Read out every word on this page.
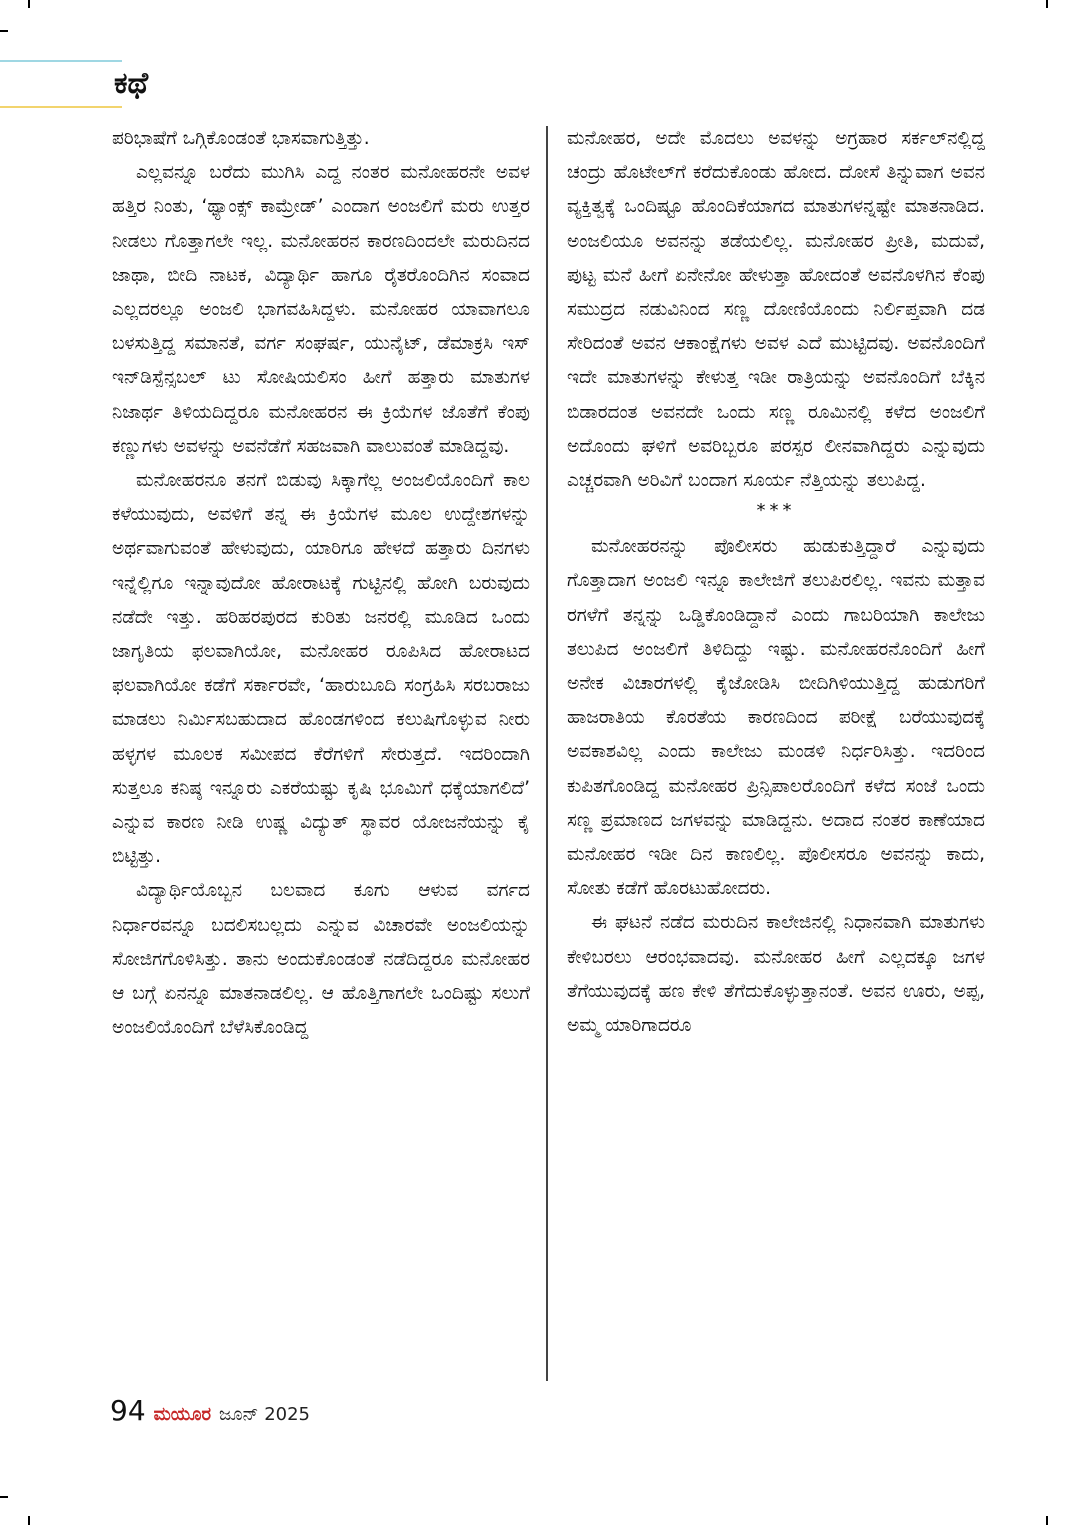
ಕಥೆ

ಪರಿಭಾಷೆಗೆ ಒಗ್ಗಿಕೊಂಡಂತೆ ಭಾಸವಾಗುತ್ತಿತ್ತು.

ಎಲ್ಲವನ್ನೂ ಬರೆದು ಮುಗಿಸಿ ಎದ್ದ ನಂತರ ಮನೋಹರನೇ ಅವಳ ಹತ್ತಿರ ನಿಂತು, ‘ಥ್ಯಾಂಕ್ಸ್ ಕಾಮ್ರೇಡ್’ ಎಂದಾಗ ಅಂಜಲಿಗೆ ಮರು ಉತ್ತರ ನೀಡಲು ಗೊತ್ತಾಗಲೇ ಇಲ್ಲ. ಮನೋಹರನ ಕಾರಣದಿಂದಲೇ ಮರುದಿನದ ಜಾಥಾ, ಬೀದಿ ನಾಟಕ, ವಿದ್ಯಾರ್ಥಿ ಹಾಗೂ ರೈತರೊಂದಿಗಿನ ಸಂವಾದ ಎಲ್ಲದರಲ್ಲೂ ಅಂಜಲಿ ಭಾಗವಹಿಸಿದ್ದಳು. ಮನೋಹರ ಯಾವಾಗಲೂ ಬಳಸುತ್ತಿದ್ದ ಸಮಾನತೆ, ವರ್ಗ ಸಂಘರ್ಷ, ಯುನೈಟ್, ಡೆಮಾಕ್ರಸಿ ಇಸ್ ಇನ್‌ಡಿಸ್ಪೆನ್ಸಬಲ್ ಟು ಸೋಷಿಯಲಿಸಂ ಹೀಗೆ ಹತ್ತಾರು ಮಾತುಗಳ ನಿಜಾರ್ಥ ತಿಳಿಯದಿದ್ದರೂ ಮನೋಹರನ ಈ ಕ್ರಿಯೆಗಳ ಜೊತೆಗೆ ಕೆಂಪು ಕಣ್ಣುಗಳು ಅವಳನ್ನು ಅವನೆಡೆಗೆ ಸಹಜವಾಗಿ ವಾಲುವಂತೆ ಮಾಡಿದ್ದವು.

ಮನೋಹರನೂ ತನಗೆ ಬಿಡುವು ಸಿಕ್ಕಾಗೆಲ್ಲ ಅಂಜಲಿಯೊಂದಿಗೆ ಕಾಲ ಕಳೆಯುವುದು, ಅವಳಿಗೆ ತನ್ನ ಈ ಕ್ರಿಯೆಗಳ ಮೂಲ ಉದ್ದೇಶಗಳನ್ನು ಅರ್ಥವಾಗುವಂತೆ ಹೇಳುವುದು, ಯಾರಿಗೂ ಹೇಳದೆ ಹತ್ತಾರು ದಿನಗಳು ಇನ್ನೆಲ್ಲಿಗೂ ಇನ್ನಾವುದೋ ಹೋರಾಟಕ್ಕೆ ಗುಟ್ಟಿನಲ್ಲಿ ಹೋಗಿ ಬರುವುದು ನಡೆದೇ ಇತ್ತು. ಹರಿಹರಪುರದ ಕುರಿತು ಜನರಲ್ಲಿ ಮೂಡಿದ ಒಂದು ಜಾಗೃತಿಯ ಫಲವಾಗಿಯೋ, ಮನೋಹರ ರೂಪಿಸಿದ ಹೋರಾಟದ ಫಲವಾಗಿಯೋ ಕಡೆಗೆ ಸರ್ಕಾರವೇ, ‘ಹಾರುಬೂದಿ ಸಂಗ್ರಹಿಸಿ ಸರಬರಾಜು ಮಾಡಲು ನಿರ್ಮಿಸಬಹುದಾದ ಹೊಂಡಗಳಿಂದ ಕಲುಷಿಗೊಳ್ಳುವ ನೀರು ಹಳ್ಳಗಳ ಮೂಲಕ ಸಮೀಪದ ಕೆರೆಗಳಿಗೆ ಸೇರುತ್ತದೆ. ಇದರಿಂದಾಗಿ ಸುತ್ತಲೂ ಕನಿಷ್ಠ ಇನ್ನೂರು ಎಕರೆಯಷ್ಟು ಕೃಷಿ ಭೂಮಿಗೆ ಧಕ್ಕೆಯಾಗಲಿದೆ’ ಎನ್ನುವ ಕಾರಣ ನೀಡಿ ಉಷ್ಣ ವಿದ್ಯುತ್ ಸ್ಥಾವರ ಯೋಜನೆಯನ್ನು ಕೈ ಬಿಟ್ಟಿತ್ತು.

ವಿದ್ಯಾರ್ಥಿಯೊಬ್ಬನ ಬಲವಾದ ಕೂಗು ಆಳುವ ವರ್ಗದ ನಿರ್ಧಾರವನ್ನೂ ಬದಲಿಸಬಲ್ಲದು ಎನ್ನುವ ವಿಚಾರವೇ ಅಂಜಲಿಯನ್ನು ಸೋಜಿಗಗೊಳಿಸಿತ್ತು. ತಾನು ಅಂದುಕೊಂಡಂತೆ ನಡೆದಿದ್ದರೂ ಮನೋಹರ ಆ ಬಗ್ಗೆ ಏನನ್ನೂ ಮಾತನಾಡಲಿಲ್ಲ. ಆ ಹೊತ್ತಿಗಾಗಲೇ ಒಂದಿಷ್ಟು ಸಲುಗೆ ಅಂಜಲಿಯೊಂದಿಗೆ ಬೆಳೆಸಿಕೊಂಡಿದ್ದ

ಮನೋಹರ, ಅದೇ ಮೊದಲು ಅವಳನ್ನು ಅಗ್ರಹಾರ ಸರ್ಕಲ್‌ನಲ್ಲಿದ್ದ ಚಂದ್ರು ಹೊಟೇಲ್‌ಗೆ ಕರೆದುಕೊಂಡು ಹೋದ. ದೋಸೆ ತಿನ್ನುವಾಗ ಅವನ ವ್ಯಕ್ತಿತ್ವಕ್ಕೆ ಒಂದಿಷ್ಟೂ ಹೊಂದಿಕೆಯಾಗದ ಮಾತುಗಳನ್ನಷ್ಟೇ ಮಾತನಾಡಿದ. ಅಂಜಲಿಯೂ ಅವನನ್ನು ತಡೆಯಲಿಲ್ಲ. ಮನೋಹರ ಪ್ರೀತಿ, ಮದುವೆ, ಪುಟ್ಟ ಮನೆ ಹೀಗೆ ಏನೇನೋ ಹೇಳುತ್ತಾ ಹೋದಂತೆ ಅವನೊಳಗಿನ ಕೆಂಪು ಸಮುದ್ರದ ನಡುವಿನಿಂದ ಸಣ್ಣ ದೋಣಿಯೊಂದು ನಿರ್ಲಿಪ್ತವಾಗಿ ದಡ ಸೇರಿದಂತೆ ಅವನ ಆಕಾಂಕ್ಷೆಗಳು ಅವಳ ಎದೆ ಮುಟ್ಟಿದವು. ಅವನೊಂದಿಗೆ ಇದೇ ಮಾತುಗಳನ್ನು ಕೇಳುತ್ತ ಇಡೀ ರಾತ್ರಿಯನ್ನು ಅವನೊಂದಿಗೆ ಬೆಕ್ಕಿನ ಬಿಡಾರದಂತ ಅವನದೇ ಒಂದು ಸಣ್ಣ ರೂಮಿನಲ್ಲಿ ಕಳೆದ ಅಂಜಲಿಗೆ ಅದೊಂದು ಘಳಿಗೆ ಅವರಿಬ್ಬರೂ ಪರಸ್ಪರ ಲೀನವಾಗಿದ್ದರು ಎನ್ನುವುದು ಎಚ್ಚರವಾಗಿ ಅರಿವಿಗೆ ಬಂದಾಗ ಸೂರ್ಯ ನೆತ್ತಿಯನ್ನು ತಲುಪಿದ್ದ.

***

ಮನೋಹರನನ್ನು ಪೊಲೀಸರು ಹುಡುಕುತ್ತಿದ್ದಾರೆ ಎನ್ನುವುದು ಗೊತ್ತಾದಾಗ ಅಂಜಲಿ ಇನ್ನೂ ಕಾಲೇಜಿಗೆ ತಲುಪಿರಲಿಲ್ಲ. ಇವನು ಮತ್ತಾವ ರಗಳೆಗೆ ತನ್ನನ್ನು ಒಡ್ಡಿಕೊಂಡಿದ್ದಾನೆ ಎಂದು ಗಾಬರಿಯಾಗಿ ಕಾಲೇಜು ತಲುಪಿದ ಅಂಜಲಿಗೆ ತಿಳಿದಿದ್ದು ಇಷ್ಟು. ಮನೋಹರನೊಂದಿಗೆ ಹೀಗೆ ಅನೇಕ ವಿಚಾರಗಳಲ್ಲಿ ಕೈಜೋಡಿಸಿ ಬೀದಿಗಿಳಿಯುತ್ತಿದ್ದ ಹುಡುಗರಿಗೆ ಹಾಜರಾತಿಯ ಕೊರತೆಯ ಕಾರಣದಿಂದ ಪರೀಕ್ಷೆ ಬರೆಯುವುದಕ್ಕೆ ಅವಕಾಶವಿಲ್ಲ ಎಂದು ಕಾಲೇಜು ಮಂಡಳಿ ನಿರ್ಧರಿಸಿತ್ತು. ಇದರಿಂದ ಕುಪಿತಗೊಂಡಿದ್ದ ಮನೋಹರ ಪ್ರಿನ್ಸಿಪಾಲರೊಂದಿಗೆ ಕಳೆದ ಸಂಜೆ ಒಂದು ಸಣ್ಣ ಪ್ರಮಾಣದ ಜಗಳವನ್ನು ಮಾಡಿದ್ದನು. ಅದಾದ ನಂತರ ಕಾಣೆಯಾದ ಮನೋಹರ ಇಡೀ ದಿನ ಕಾಣಲಿಲ್ಲ. ಪೊಲೀಸರೂ ಅವನನ್ನು ಕಾದು, ಸೋತು ಕಡೆಗೆ ಹೊರಟುಹೋದರು.

ಈ ಘಟನೆ ನಡೆದ ಮರುದಿನ ಕಾಲೇಜಿನಲ್ಲಿ ನಿಧಾನವಾಗಿ ಮಾತುಗಳು ಕೇಳಿಬರಲು ಆರಂಭವಾದವು. ಮನೋಹರ ಹೀಗೆ ಎಲ್ಲದಕ್ಕೂ ಜಗಳ ತೆಗೆಯುವುದಕ್ಕೆ ಹಣ ಕೇಳಿ ತೆಗೆದುಕೊಳ್ಳುತ್ತಾನಂತೆ. ಅವನ ಊರು, ಅಪ್ಪ, ಅಮ್ಮ ಯಾರಿಗಾದರೂ

94 ಮಯೂರ ಜೂನ್ 2025
